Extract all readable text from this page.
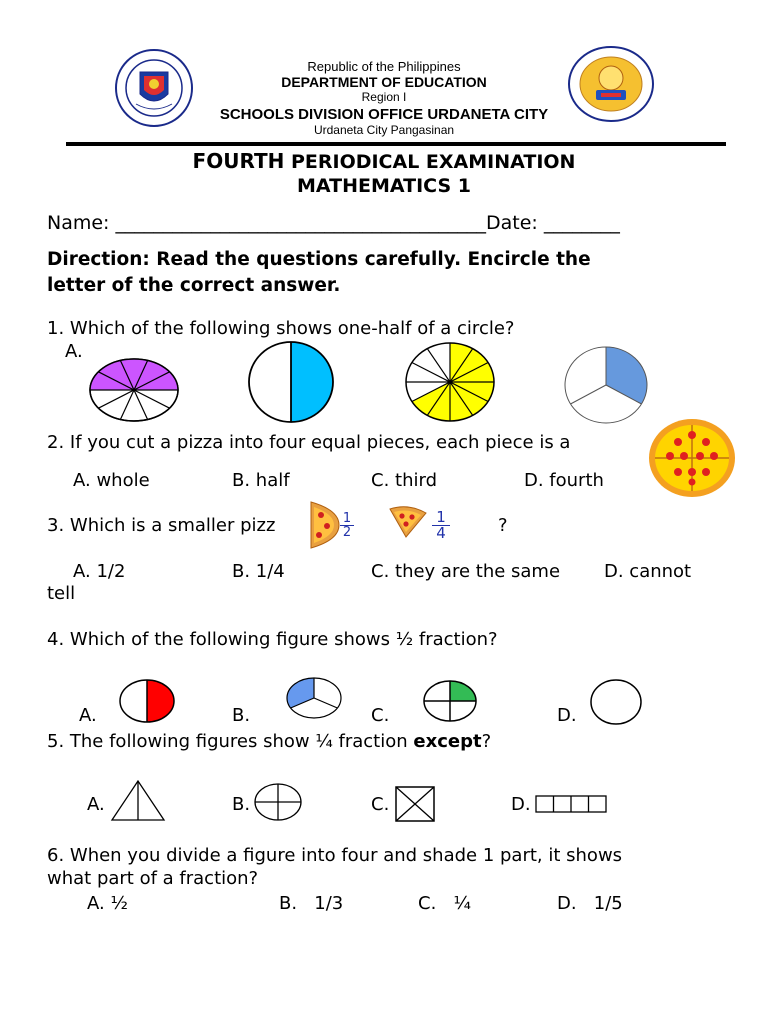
Republic of the Philippines
DEPARTMENT OF EDUCATION
Region I
SCHOOLS DIVISION OFFICE URDANETA CITY
Urdaneta City Pangasinan
FOURTH PERIODICAL EXAMINATION
MATHEMATICS 1
Name: _______________________________________Date: ________
Direction: Read the questions carefully. Encircle the
letter of the correct answer.
1. Which of the following shows one-half of a circle?
A.
2. If you cut a pizza into four equal pieces, each piece is a
A. whole	B. half	C. third	D. fourth
3. Which is a smaller pizz	1
2
1
4	?
A. 1/2	B. 1/4	C. they are the same D. cannot
tell
4. Which of the following figure shows ½ fraction?
A.	B.	C.	D.
5. The following figures show ¼ fraction except?
A.	B.	C.	D.
6. When you divide a figure into four and shade 1 part, it shows
what part of a fraction?
A. ½	B.   1/3	C.   ¼	D.   1/5
